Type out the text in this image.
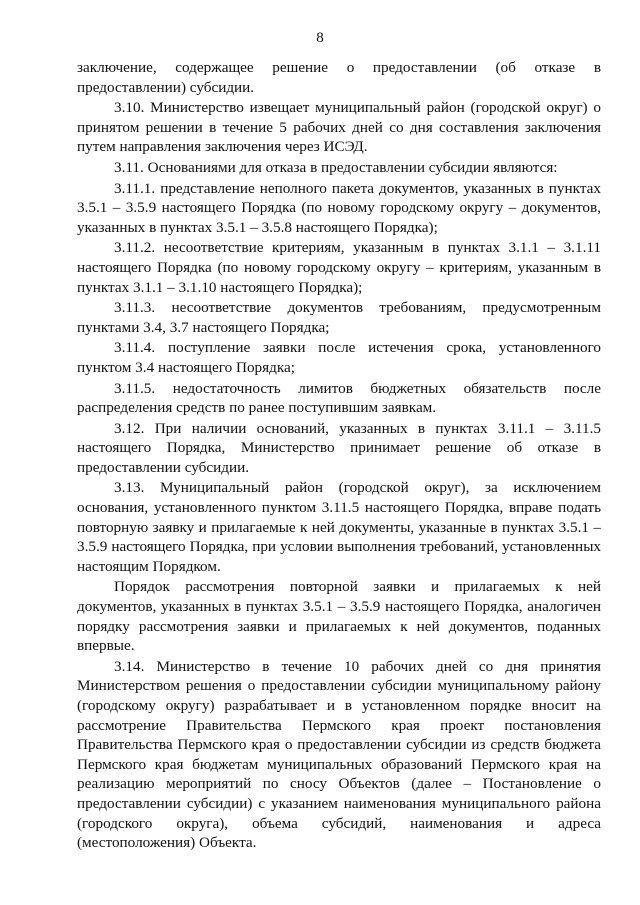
8

заключение, содержащее решение о предоставлении (об отказе в предоставлении) субсидии.

3.10. Министерство извещает муниципальный район (городской округ) о принятом решении в течение 5 рабочих дней со дня составления заключения путем направления заключения через ИСЭД.

3.11. Основаниями для отказа в предоставлении субсидии являются:

3.11.1. представление неполного пакета документов, указанных в пунктах 3.5.1 – 3.5.9 настоящего Порядка (по новому городскому округу – документов, указанных в пунктах 3.5.1 – 3.5.8 настоящего Порядка);

3.11.2. несоответствие критериям, указанным в пунктах 3.1.1 – 3.1.11 настоящего Порядка (по новому городскому округу – критериям, указанным в пунктах 3.1.1 – 3.1.10 настоящего Порядка);

3.11.3. несоответствие документов требованиям, предусмотренным пунктами 3.4, 3.7 настоящего Порядка;

3.11.4. поступление заявки после истечения срока, установленного пунктом 3.4 настоящего Порядка;

3.11.5. недостаточность лимитов бюджетных обязательств после распределения средств по ранее поступившим заявкам.

3.12. При наличии оснований, указанных в пунктах 3.11.1 – 3.11.5 настоящего Порядка, Министерство принимает решение об отказе в предоставлении субсидии.

3.13. Муниципальный район (городской округ), за исключением основания, установленного пунктом 3.11.5 настоящего Порядка, вправе подать повторную заявку и прилагаемые к ней документы, указанные в пунктах 3.5.1 – 3.5.9 настоящего Порядка, при условии выполнения требований, установленных настоящим Порядком.

Порядок рассмотрения повторной заявки и прилагаемых к ней документов, указанных в пунктах 3.5.1 – 3.5.9 настоящего Порядка, аналогичен порядку рассмотрения заявки и прилагаемых к ней документов, поданных впервые.

3.14. Министерство в течение 10 рабочих дней со дня принятия Министерством решения о предоставлении субсидии муниципальному району (городскому округу) разрабатывает и в установленном порядке вносит на рассмотрение Правительства Пермского края проект постановления Правительства Пермского края о предоставлении субсидии из средств бюджета Пермского края бюджетам муниципальных образований Пермского края на реализацию мероприятий по сносу Объектов (далее – Постановление о предоставлении субсидии) с указанием наименования муниципального района (городского округа), объема субсидий, наименования и адреса (местоположения) Объекта.
